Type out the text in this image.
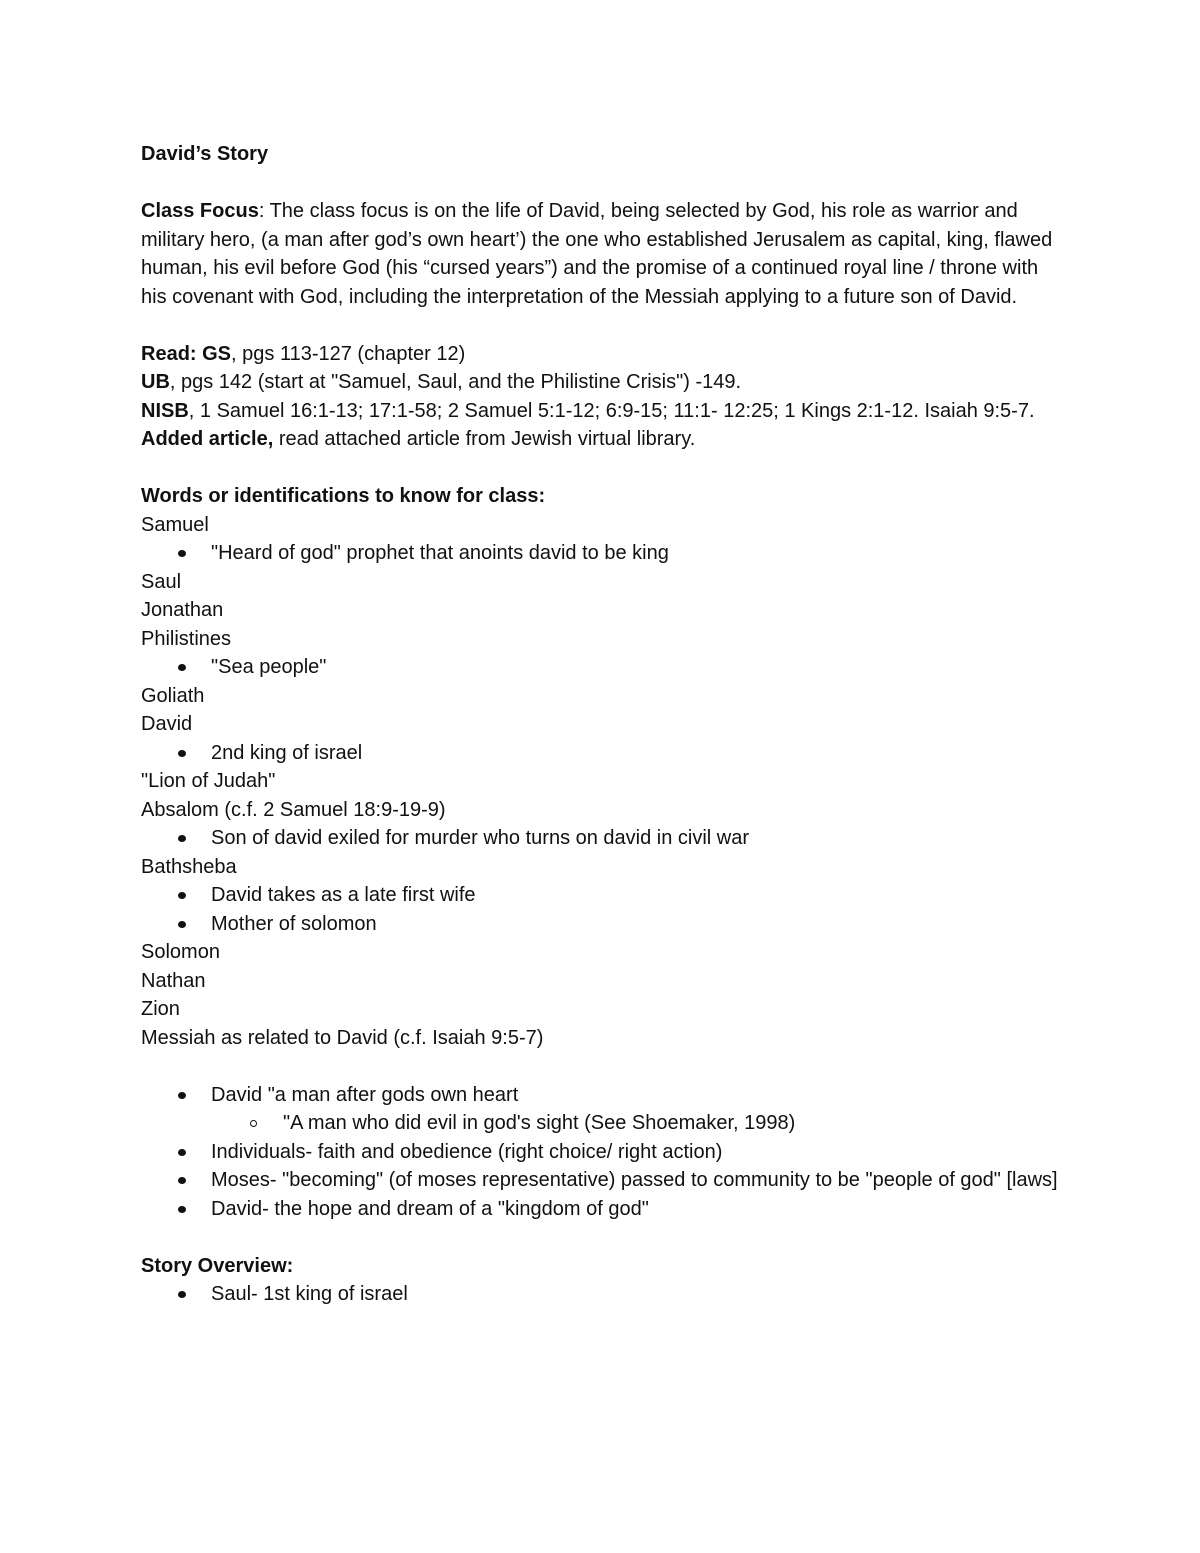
David’s Story

Class Focus: The class focus is on the life of David, being selected by God, his role as warrior and military hero, (a man after god’s own heart’) the one who established Jerusalem as capital, king, flawed human, his evil before God (his “cursed years”) and the promise of a continued royal line / throne with his covenant with God, including the interpretation of the Messiah applying to a future son of David.

Read: GS, pgs 113-127 (chapter 12)

UB, pgs 142 (start at "Samuel, Saul, and the Philistine Crisis") -149.

NISB, 1 Samuel 16:1-13; 17:1-58; 2 Samuel 5:1-12; 6:9-15; 11:1- 12:25; 1 Kings 2:1-12. Isaiah 9:5-7.

Added article, read attached article from Jewish virtual library.

Words or identifications to know for class:

Samuel

"Heard of god" prophet that anoints david to be king

Saul

Jonathan

Philistines

"Sea people"

Goliath

David

2nd king of israel

"Lion of Judah"

Absalom (c.f. 2 Samuel 18:9-19-9)

Son of david exiled for murder who turns on david in civil war

Bathsheba

David takes as a late first wife
Mother of solomon

Solomon

Nathan

Zion

Messiah as related to David (c.f. Isaiah 9:5-7)

David "a man after gods own heart
"A man who did evil in god's sight (See Shoemaker, 1998)
Individuals- faith and obedience (right choice/ right action)
Moses- "becoming" (of moses representative) passed to community to be "people of god" [laws]
David- the hope and dream of a "kingdom of god"

Story Overview:

Saul- 1st king of israel
